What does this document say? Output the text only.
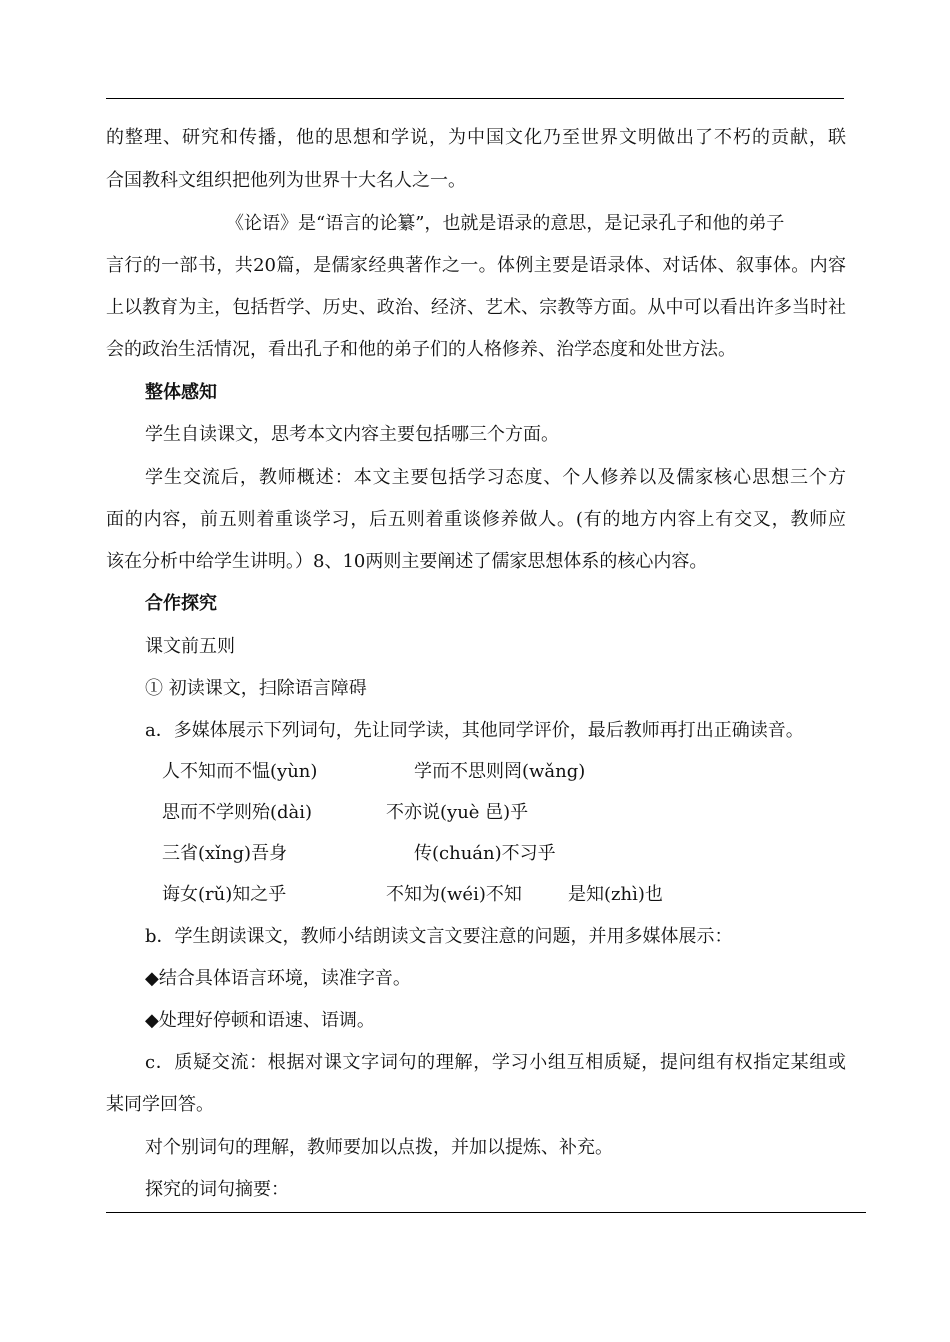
的整理、研究和传播，他的思想和学说，为中国文化乃至世界文明做出了不朽的贡献，联
合国教科文组织把他列为世界十大名人之一。
《论语》是“语言的论纂”，也就是语录的意思，是记录孔子和他的弟子
言行的一部书，共20篇，是儒家经典著作之一。体例主要是语录体、对话体、叙事体。内容
上以教育为主，包括哲学、历史、政治、经济、艺术、宗教等方面。从中可以看出许多当时社
会的政治生活情况，看出孔子和他的弟子们的人格修养、治学态度和处世方法。
整体感知
学生自读课文，思考本文内容主要包括哪三个方面。
学生交流后，教师概述：本文主要包括学习态度、个人修养以及儒家核心思想三个方
面的内容，前五则着重谈学习，后五则着重谈修养做人。(有的地方内容上有交叉，教师应
该在分析中给学生讲明。）8、10两则主要阐述了儒家思想体系的核心内容。
合作探究
课文前五则
① 初读课文，扫除语言障碍
a．多媒体展示下列词句，先让同学读，其他同学评价，最后教师再打出正确读音。
人不知而不愠(yùn)	学而不思则罔(wǎng)
思而不学则殆(dài)	不亦说(yuè 邑)乎
三省(xǐng)吾身	传(chuán)不习乎
诲女(rǔ)知之乎	不知为(wéi)不知	是知(zhì)也
b．学生朗读课文，教师小结朗读文言文要注意的问题，并用多媒体展示：
◆结合具体语言环境，读准字音。
◆处理好停顿和语速、语调。
c．质疑交流：根据对课文字词句的理解，学习小组互相质疑，提问组有权指定某组或
某同学回答。
对个别词句的理解，教师要加以点拨，并加以提炼、补充。
探究的词句摘要：
